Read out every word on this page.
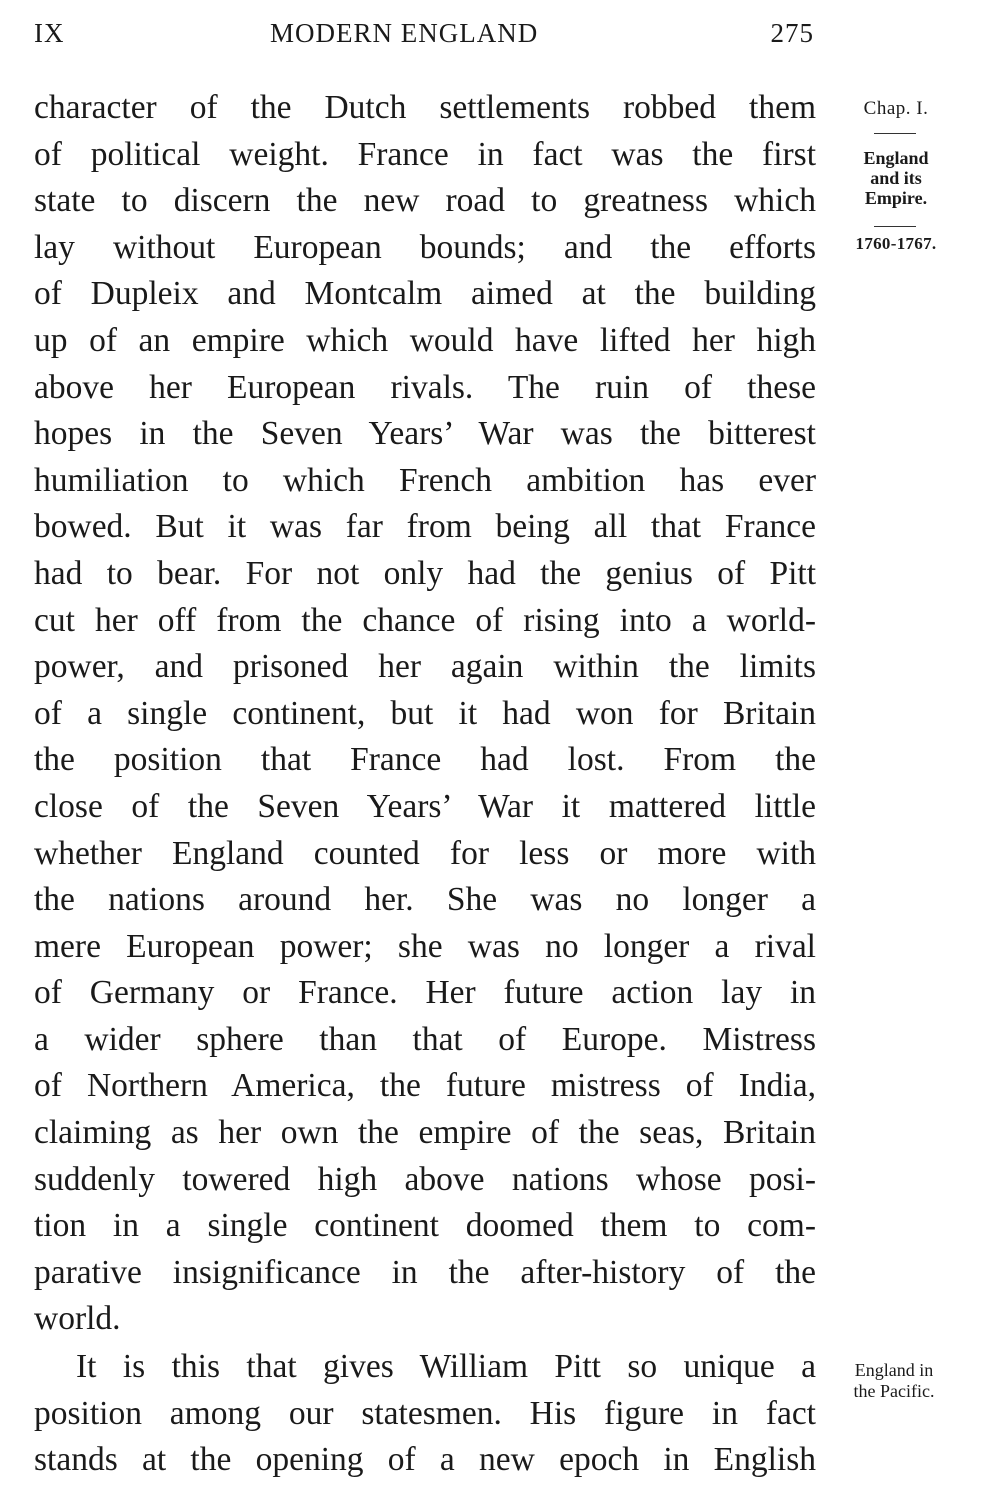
IX	MODERN ENGLAND	275
character of the Dutch settlements robbed them
of political weight. France in fact was the first
state to discern the new road to greatness which
lay without European bounds; and the efforts
of Dupleix and Montcalm aimed at the building
up of an empire which would have lifted her high
above her European rivals. The ruin of these
hopes in the Seven Years’ War was the bitterest
humiliation to which French ambition has ever
bowed. But it was far from being all that France
had to bear. For not only had the genius of Pitt
cut her off from the chance of rising into a world-
power, and prisoned her again within the limits
of a single continent, but it had won for Britain
the position that France had lost. From the
close of the Seven Years’ War it mattered little
whether England counted for less or more with
the nations around her. She was no longer a
mere European power; she was no longer a rival
of Germany or France. Her future action lay in
a wider sphere than that of Europe. Mistress
of Northern America, the future mistress of India,
claiming as her own the empire of the seas, Britain
suddenly towered high above nations whose posi-
tion in a single continent doomed them to com-
parative insignificance in the after-history of the
world.
It is this that gives William Pitt so unique a
position among our statesmen. His figure in fact
stands at the opening of a new epoch in English
Chap. I.
England
and its
Empire.
1760-1767.
England in
the Pacific.
